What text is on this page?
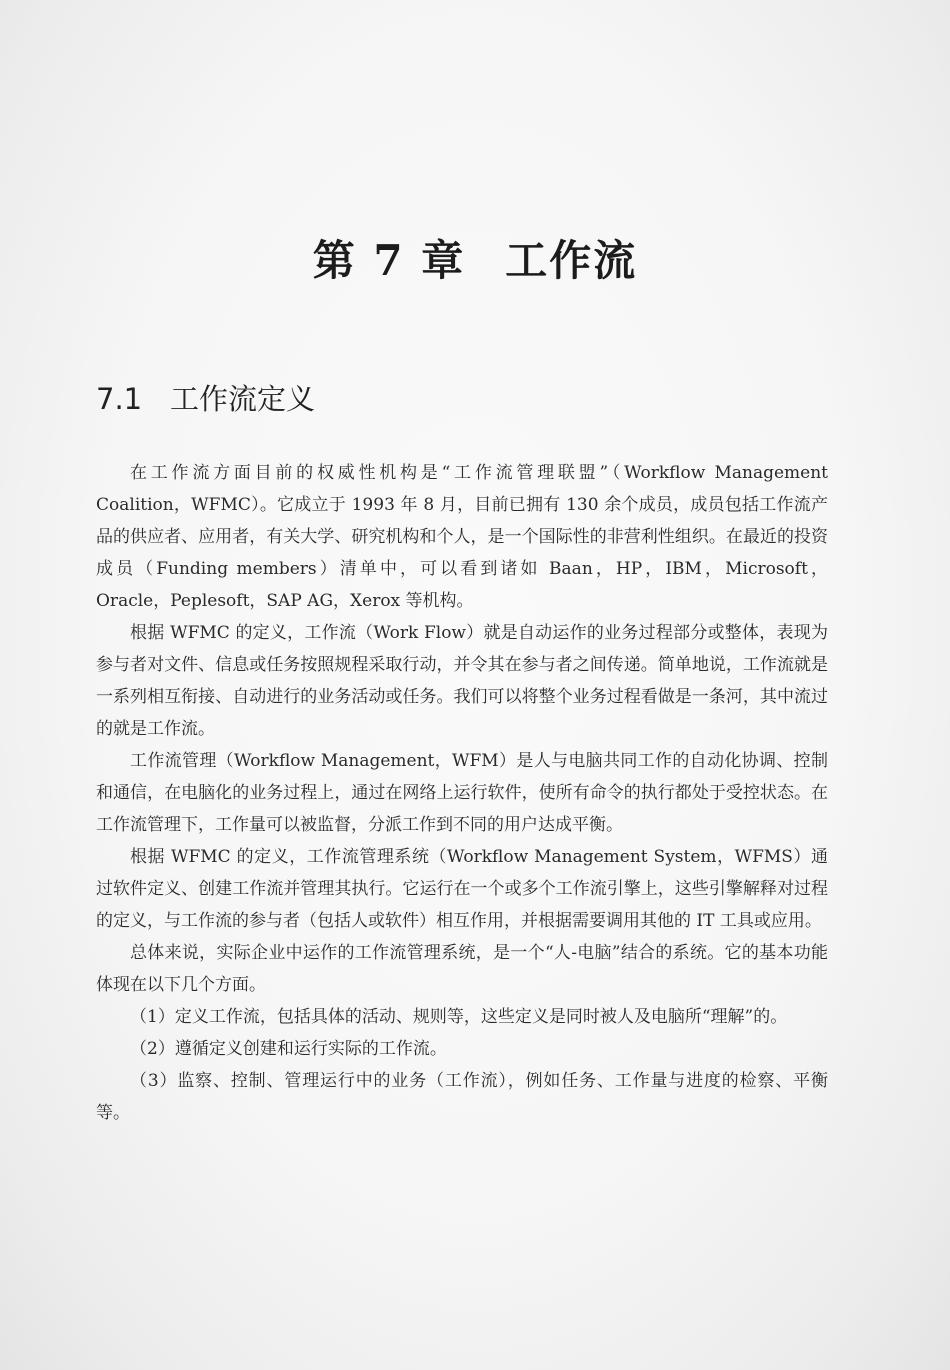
第 7 章 工作流
7.1 工作流定义

在工作流方面目前的权威性机构是“工作流管理联盟”（Workflow Management Coalition，WFMC）。它成立于 1993 年 8 月，目前已拥有 130 余个成员，成员包括工作流产品的供应者、应用者，有关大学、研究机构和个人，是一个国际性的非营利性组织。在最近的投资成员（Funding members）清单中，可以看到诸如 Baan，HP，IBM，Microsoft，Oracle，Peplesoft，SAP AG，Xerox 等机构。

根据 WFMC 的定义，工作流（Work Flow）就是自动运作的业务过程部分或整体，表现为参与者对文件、信息或任务按照规程采取行动，并令其在参与者之间传递。简单地说，工作流就是一系列相互衔接、自动进行的业务活动或任务。我们可以将整个业务过程看做是一条河，其中流过的就是工作流。

工作流管理（Workflow Management，WFM）是人与电脑共同工作的自动化协调、控制和通信，在电脑化的业务过程上，通过在网络上运行软件，使所有命令的执行都处于受控状态。在工作流管理下，工作量可以被监督，分派工作到不同的用户达成平衡。

根据 WFMC 的定义，工作流管理系统（Workflow Management System，WFMS）通过软件定义、创建工作流并管理其执行。它运行在一个或多个工作流引擎上，这些引擎解释对过程的定义，与工作流的参与者（包括人或软件）相互作用，并根据需要调用其他的 IT 工具或应用。

总体来说，实际企业中运作的工作流管理系统，是一个“人-电脑”结合的系统。它的基本功能体现在以下几个方面。

（1）定义工作流，包括具体的活动、规则等，这些定义是同时被人及电脑所“理解”的。

（2）遵循定义创建和运行实际的工作流。

（3）监察、控制、管理运行中的业务（工作流），例如任务、工作量与进度的检察、平衡等。
